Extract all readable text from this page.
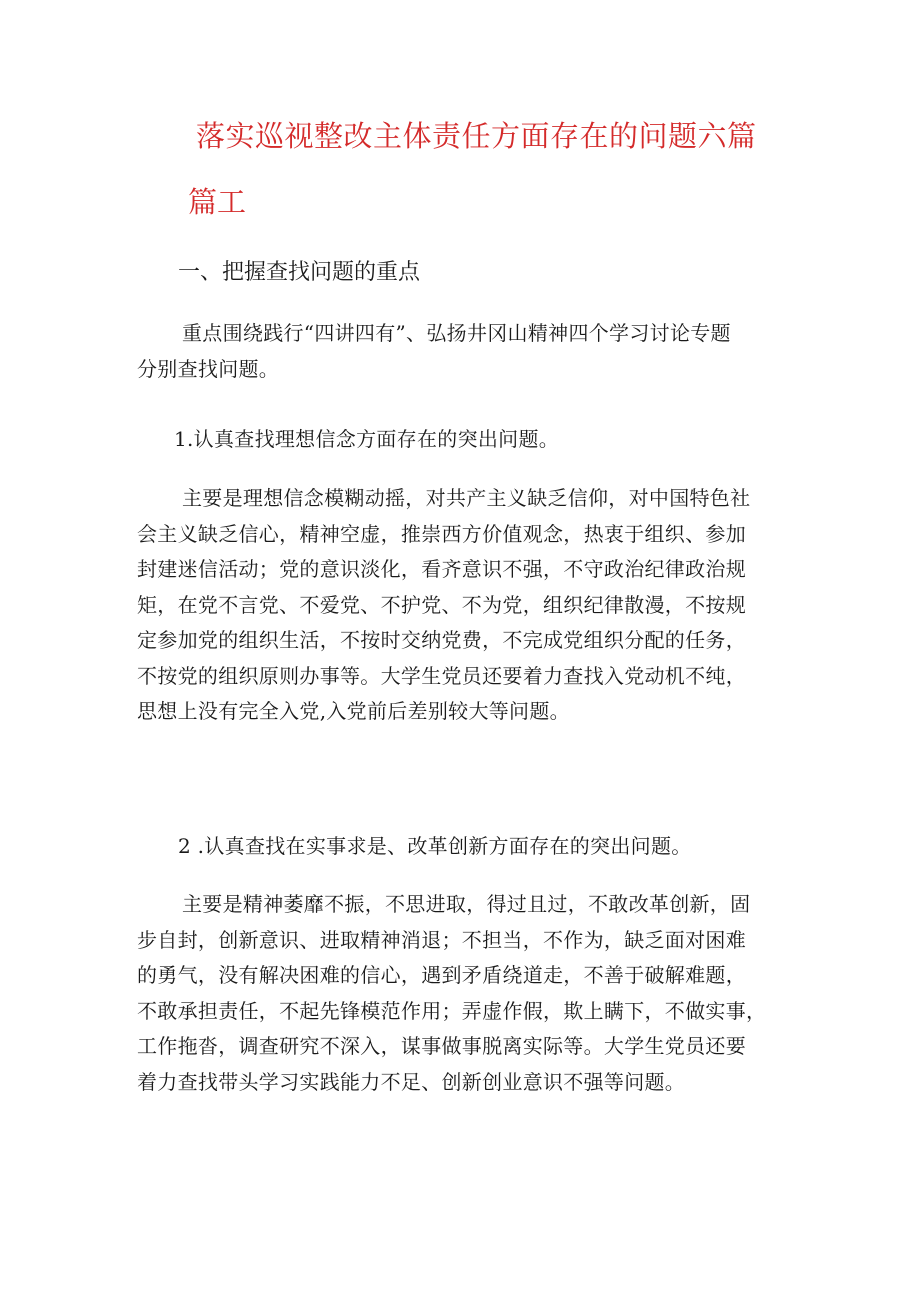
落实巡视整改主体责任方面存在的问题六篇
篇工
一、把握查找问题的重点
重点围绕践行“四讲四有”、弘扬井冈山精神四个学习讨论专题
分别查找问题。
1.认真查找理想信念方面存在的突出问题。
主要是理想信念模糊动摇，对共产主义缺乏信仰，对中国特色社
会主义缺乏信心，精神空虚，推崇西方价值观念，热衷于组织、参加
封建迷信活动；党的意识淡化，看齐意识不强，不守政治纪律政治规
矩，在党不言党、不爱党、不护党、不为党，组织纪律散漫，不按规
定参加党的组织生活，不按时交纳党费，不完成党组织分配的任务，
不按党的组织原则办事等。大学生党员还要着力查找入党动机不纯，
思想上没有完全入党,入党前后差别较大等问题。
2 .认真查找在实事求是、改革创新方面存在的突出问题。
主要是精神萎靡不振，不思进取，得过且过，不敢改革创新，固
步自封，创新意识、进取精神消退；不担当，不作为，缺乏面对困难
的勇气，没有解决困难的信心，遇到矛盾绕道走，不善于破解难题，
不敢承担责任，不起先锋模范作用；弄虚作假，欺上瞒下，不做实事，
工作拖沓，调查研究不深入，谋事做事脱离实际等。大学生党员还要
着力查找带头学习实践能力不足、创新创业意识不强等问题。
